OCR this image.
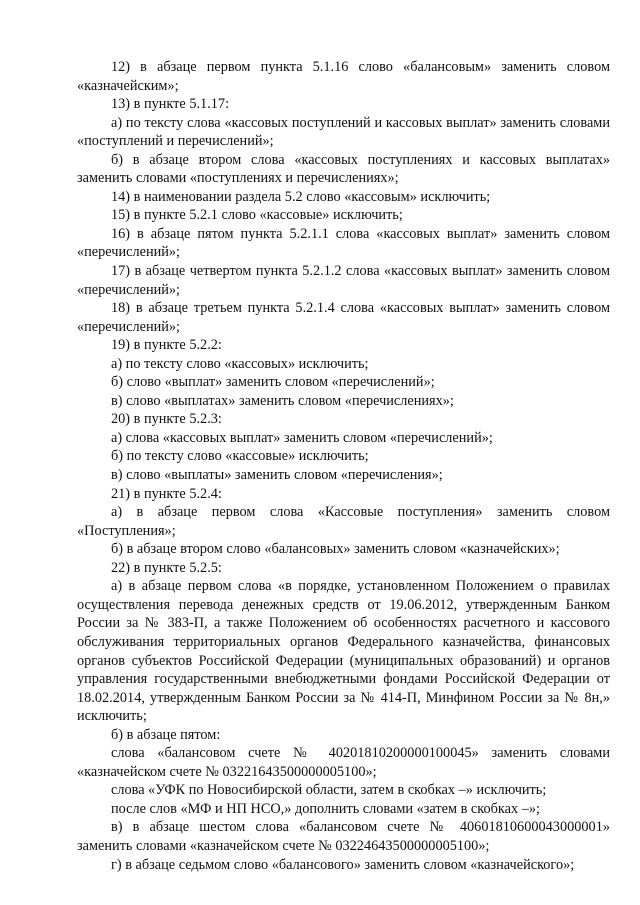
12) в абзаце первом пункта 5.1.16 слово «балансовым» заменить словом «казначейским»;

13) в пункте 5.1.17:

а) по тексту слова «кассовых поступлений и кассовых выплат» заменить словами «поступлений и перечислений»;

б) в абзаце втором слова «кассовых поступлениях и кассовых выплатах» заменить словами «поступлениях и перечислениях»;

14) в наименовании раздела 5.2 слово «кассовым» исключить;

15) в пункте 5.2.1 слово «кассовые» исключить;

16) в абзаце пятом пункта 5.2.1.1 слова «кассовых выплат» заменить словом «перечислений»;

17) в абзаце четвертом пункта 5.2.1.2 слова «кассовых выплат» заменить словом «перечислений»;

18) в абзаце третьем пункта 5.2.1.4 слова «кассовых выплат» заменить словом «перечислений»;

19) в пункте 5.2.2:

а) по тексту слово «кассовых» исключить;

б) слово «выплат» заменить словом «перечислений»;

в) слово «выплатах» заменить словом «перечислениях»;

20) в пункте 5.2.3:

а) слова «кассовых выплат» заменить словом «перечислений»;

б) по тексту слово «кассовые» исключить;

в) слово «выплаты» заменить словом «перечисления»;

21) в пункте 5.2.4:

а) в абзаце первом слова «Кассовые поступления» заменить словом «Поступления»;

б) в абзаце втором слово «балансовых» заменить словом «казначейских»;

22) в пункте 5.2.5:

а) в абзаце первом слова «в порядке, установленном Положением о правилах осуществления перевода денежных средств от 19.06.2012, утвержденным Банком России за № 383-П, а также Положением об особенностях расчетного и кассового обслуживания территориальных органов Федерального казначейства, финансовых органов субъектов Российской Федерации (муниципальных образований) и органов управления государственными внебюджетными фондами Российской Федерации от 18.02.2014, утвержденным Банком России за № 414-П, Минфином России за № 8н,» исключить;

б) в абзаце пятом:

слова «балансовом счете № 40201810200000100045» заменить словами «казначейском счете № 03221643500000005100»;

слова «УФК по Новосибирской области, затем в скобках –» исключить;

после слов «МФ и НП НСО,» дополнить словами «затем в скобках –»;

в) в абзаце шестом слова «балансовом счете № 40601810600043000001» заменить словами «казначейском счете № 03224643500000005100»;

г) в абзаце седьмом слово «балансового» заменить словом «казначейского»;
